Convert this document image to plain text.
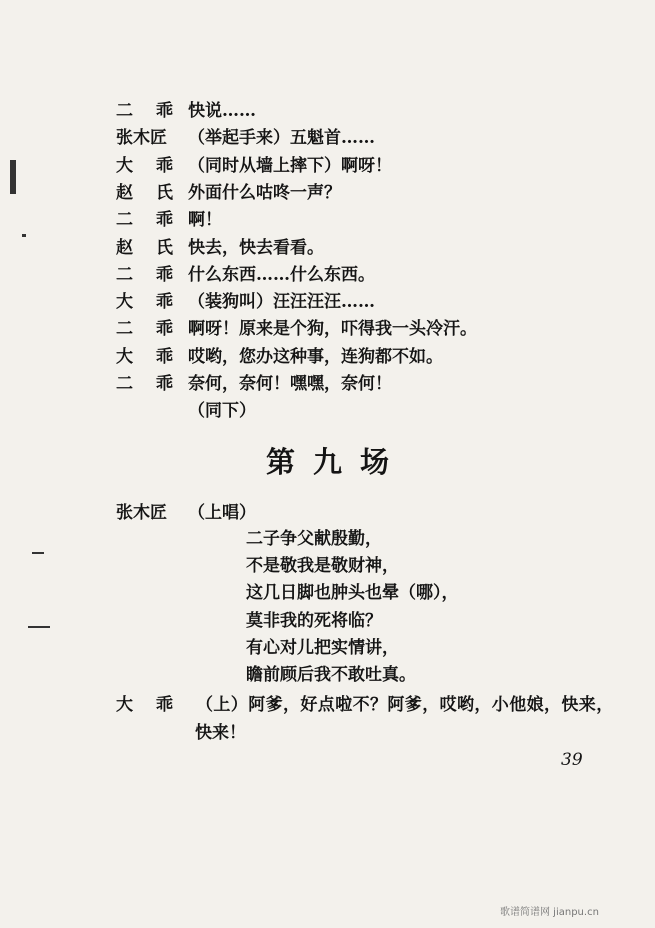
二 乖 快说……
张木匠 （举起手来）五魁首……
大 乖 （同时从墙上摔下）啊呀！
赵 氏 外面什么咕咚一声？
二 乖 啊！
赵 氏 快去，快去看看。
二 乖 什么东西……什么东西。
大 乖 （装狗叫）汪汪汪汪……
二 乖 啊呀！原来是个狗，吓得我一头冷汗。
大 乖 哎哟，您办这种事，连狗都不如。
二 乖 奈何，奈何！嘿嘿，奈何！
（同下）
第九场
张木匠 （上唱）
二子争父献殷勤，
不是敬我是敬财神，
这几日脚也肿头也晕（哪），
莫非我的死将临？
有心对儿把实情讲，
瞻前顾后我不敢吐真。
大 乖 （上）阿爹，好点啦不？阿爹，哎哟，小他娘，快来，
快来！
39
歌谱简谱网 jianpu.cn
